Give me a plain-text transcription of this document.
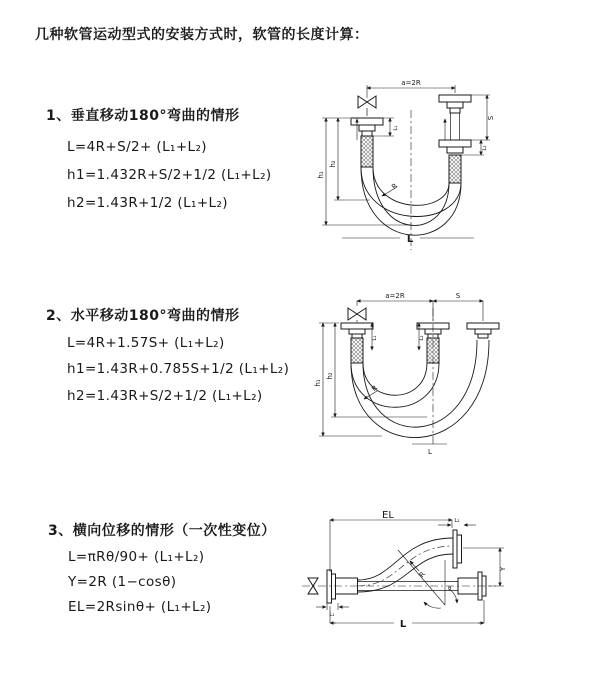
几种软管运动型式的安装方式时，软管的长度计算：
1、垂直移动180°弯曲的情形
L=4R+S/2+ (L₁+L₂)
h1=1.432R+S/2+1/2 (L₁+L₂)
h2=1.43R+1/2 (L₁+L₂)
a=2R
h₁
h₂
L₁
S
L₂
R
L
2、水平移动180°弯曲的情形
L=4R+1.57S+ (L₁+L₂)
h1=1.43R+0.785S+1/2 (L₁+L₂)
h2=1.43R+S/2+1/2 (L₁+L₂)
a=2R	S
h₁
h₂
L₁	L₂
R
L
3、横向位移的情形（一次性变位）
L=πRθ/90+ (L₁+L₂)
Y=2R (1−cosθ)
EL=2Rsinθ+ (L₁+L₂)
EL	L₂
Y
R
θ
L
L₁
